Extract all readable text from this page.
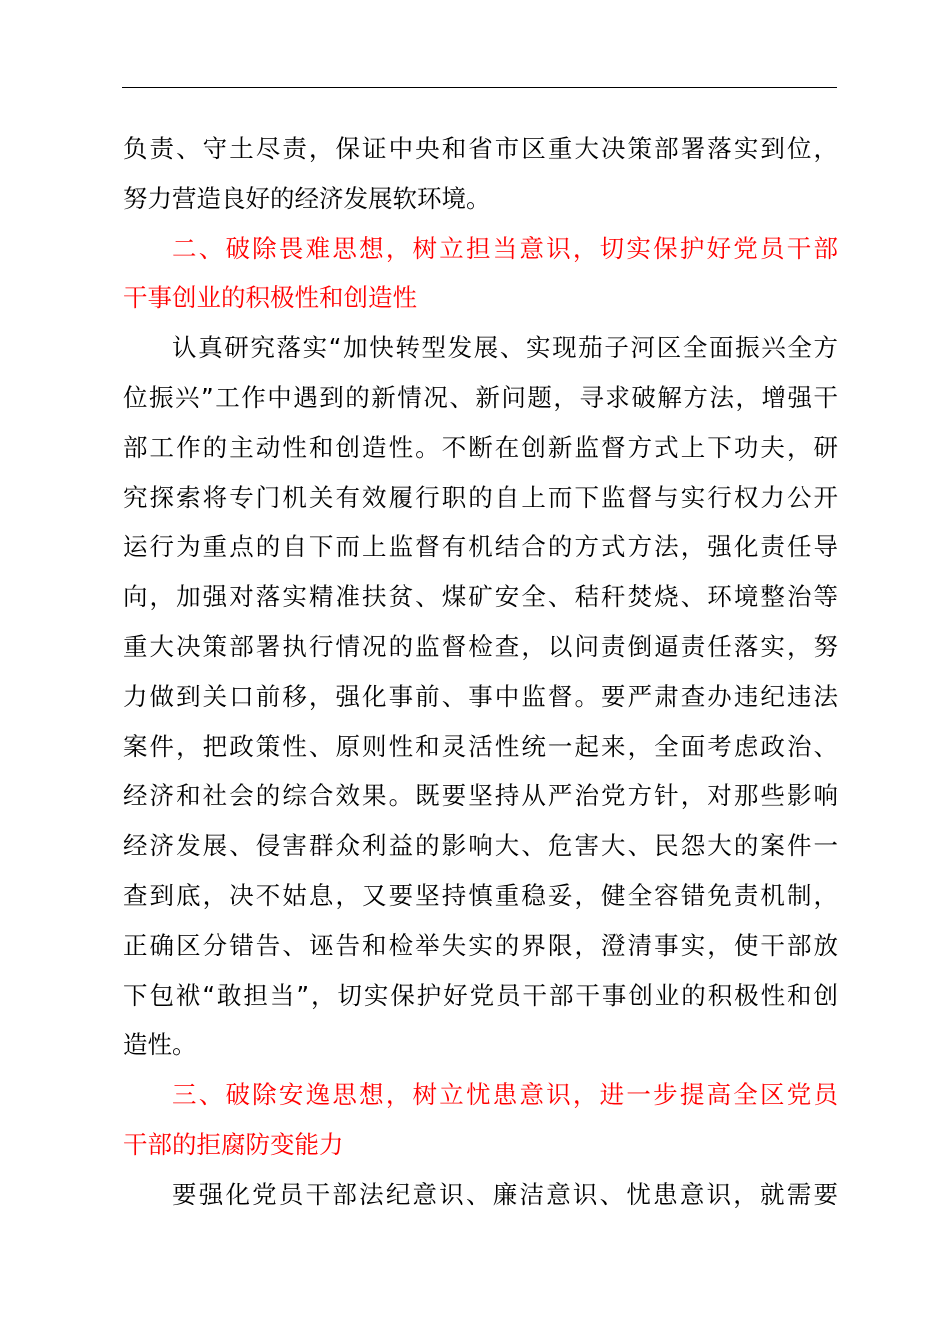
负责、守土尽责，保证中央和省市区重大决策部署落实到位，
努力营造良好的经济发展软环境。
二、破除畏难思想，树立担当意识，切实保护好党员干部
干事创业的积极性和创造性
认真研究落实“加快转型发展、实现茄子河区全面振兴全方
位振兴”工作中遇到的新情况、新问题，寻求破解方法，增强干
部工作的主动性和创造性。不断在创新监督方式上下功夫，研
究探索将专门机关有效履行职的自上而下监督与实行权力公开
运行为重点的自下而上监督有机结合的方式方法，强化责任导
向，加强对落实精准扶贫、煤矿安全、秸秆焚烧、环境整治等
重大决策部署执行情况的监督检查，以问责倒逼责任落实，努
力做到关口前移，强化事前、事中监督。要严肃查办违纪违法
案件，把政策性、原则性和灵活性统一起来，全面考虑政治、
经济和社会的综合效果。既要坚持从严治党方针，对那些影响
经济发展、侵害群众利益的影响大、危害大、民怨大的案件一
查到底，决不姑息，又要坚持慎重稳妥，健全容错免责机制，
正确区分错告、诬告和检举失实的界限，澄清事实，使干部放
下包袱“敢担当”，切实保护好党员干部干事创业的积极性和创
造性。
三、破除安逸思想，树立忧患意识，进一步提高全区党员
干部的拒腐防变能力
要强化党员干部法纪意识、廉洁意识、忧患意识，就需要
